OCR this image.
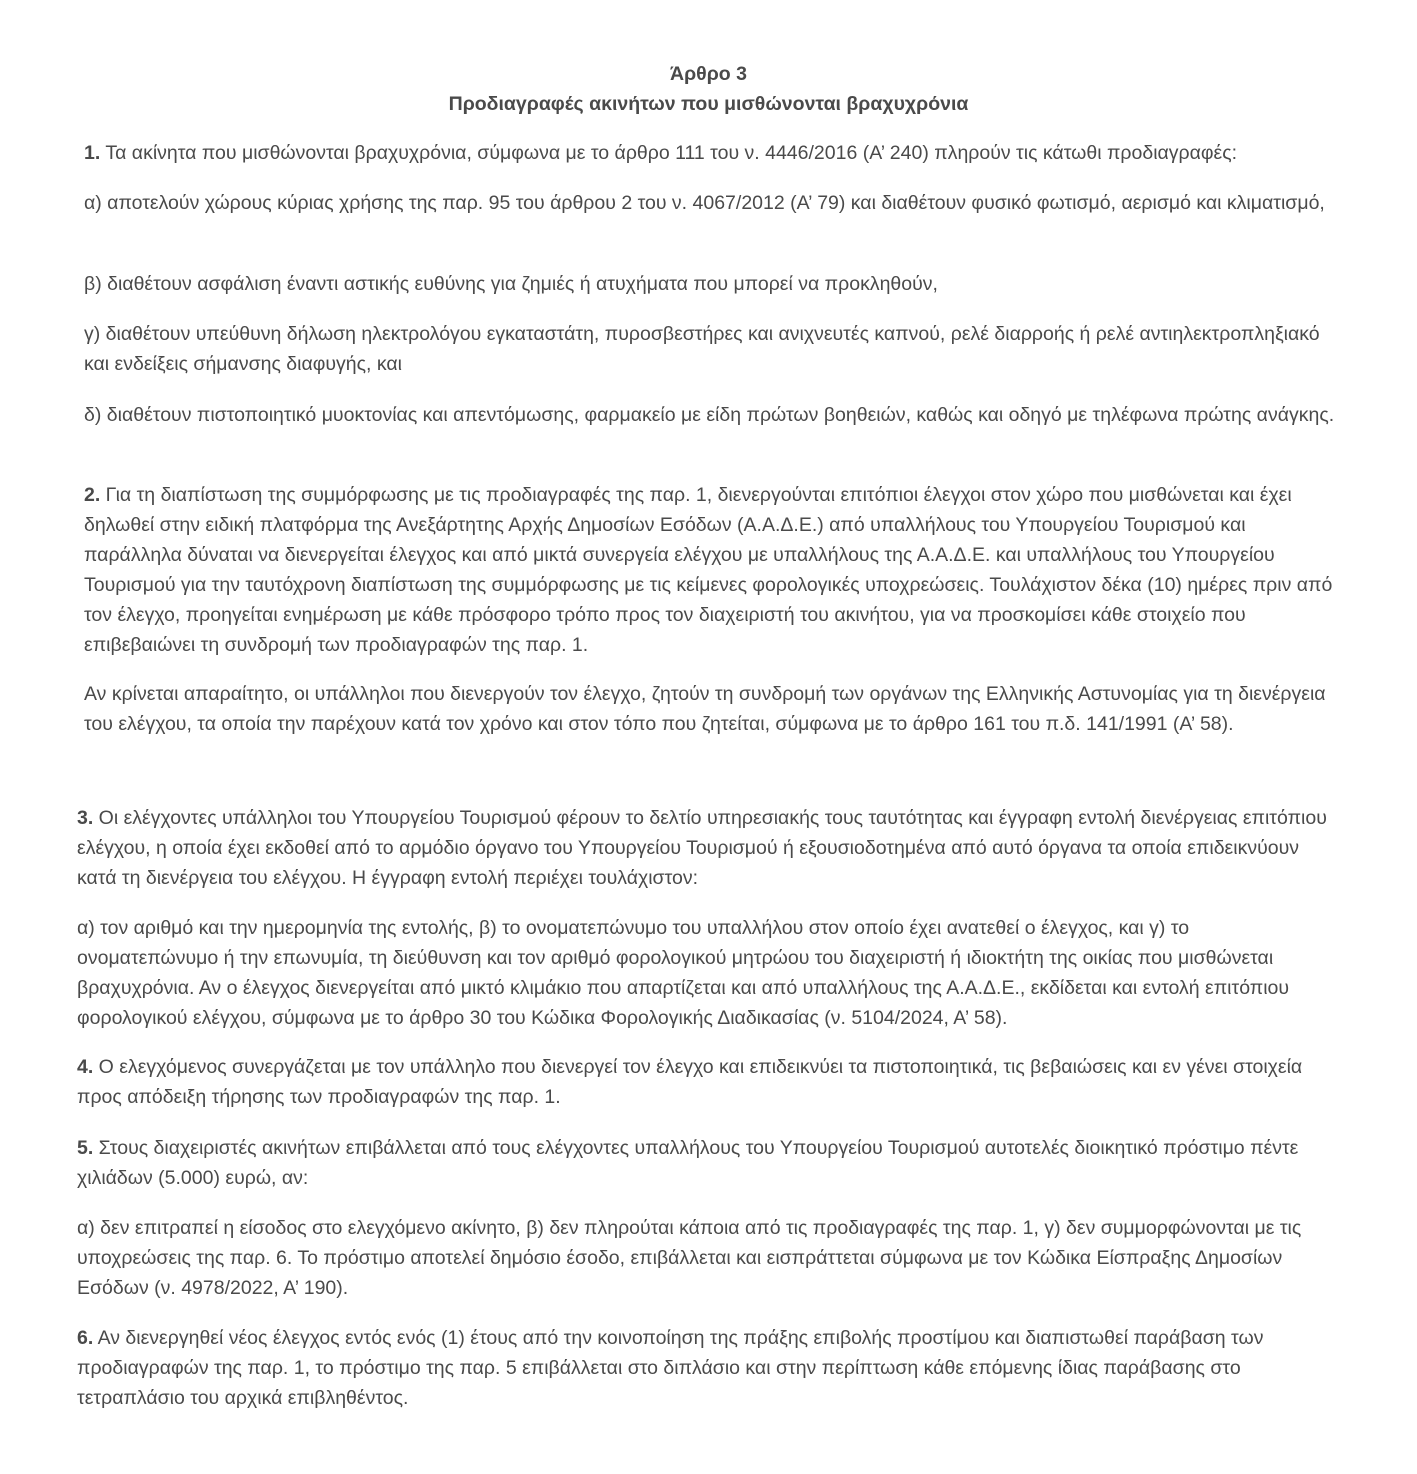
Άρθρο 3
Προδιαγραφές ακινήτων που μισθώνονται βραχυχρόνια

1. Τα ακίνητα που μισθώνονται βραχυχρόνια, σύμφωνα με το άρθρο 111 του ν. 4446/2016 (Α’ 240) πληρούν τις κάτωθι προδιαγραφές:

α) αποτελούν χώρους κύριας χρήσης της παρ. 95 του άρθρου 2 του ν. 4067/2012 (Α’ 79) και διαθέτουν φυσικό φωτισμό, αερισμό και κλιματισμό,

β) διαθέτουν ασφάλιση έναντι αστικής ευθύνης για ζημιές ή ατυχήματα που μπορεί να προκληθούν,

γ) διαθέτουν υπεύθυνη δήλωση ηλεκτρολόγου εγκαταστάτη, πυροσβεστήρες και ανιχνευτές καπνού, ρελέ διαρροής ή ρελέ αντιηλεκτροπληξιακό και ενδείξεις σήμανσης διαφυγής, και

δ) διαθέτουν πιστοποιητικό μυοκτονίας και απεντόμωσης, φαρμακείο με είδη πρώτων βοηθειών, καθώς και οδηγό με τηλέφωνα πρώτης ανάγκης.

2. Για τη διαπίστωση της συμμόρφωσης με τις προδιαγραφές της παρ. 1, διενεργούνται επιτόπιοι έλεγχοι στον χώρο που μισθώνεται και έχει δηλωθεί στην ειδική πλατφόρμα της Ανεξάρτητης Αρχής Δημοσίων Εσόδων (Α.Α.Δ.Ε.) από υπαλλήλους του Υπουργείου Τουρισμού και παράλληλα δύναται να διενεργείται έλεγχος και από μικτά συνεργεία ελέγχου με υπαλλήλους της Α.Α.Δ.Ε. και υπαλλήλους του Υπουργείου Τουρισμού για την ταυτόχρονη διαπίστωση της συμμόρφωσης με τις κείμενες φορολογικές υποχρεώσεις. Τουλάχιστον δέκα (10) ημέρες πριν από τον έλεγχο, προηγείται ενημέρωση με κάθε πρόσφορο τρόπο προς τον διαχειριστή του ακινήτου, για να προσκομίσει κάθε στοιχείο που επιβεβαιώνει τη συνδρομή των προδιαγραφών της παρ. 1.

Αν κρίνεται απαραίτητο, οι υπάλληλοι που διενεργούν τον έλεγχο, ζητούν τη συνδρομή των οργάνων της Ελληνικής Αστυνομίας για τη διενέργεια του ελέγχου, τα οποία την παρέχουν κατά τον χρόνο και στον τόπο που ζητείται, σύμφωνα με το άρθρο 161 του π.δ. 141/1991 (Α’ 58).

3. Οι ελέγχοντες υπάλληλοι του Υπουργείου Τουρισμού φέρουν το δελτίο υπηρεσιακής τους ταυτότητας και έγγραφη εντολή διενέργειας επιτόπιου ελέγχου, η οποία έχει εκδοθεί από το αρμόδιο όργανο του Υπουργείου Τουρισμού ή εξουσιοδοτημένα από αυτό όργανα τα οποία επιδεικνύουν κατά τη διενέργεια του ελέγχου. Η έγγραφη εντολή περιέχει τουλάχιστον:

α) τον αριθμό και την ημερομηνία της εντολής, β) το ονοματεπώνυμο του υπαλλήλου στον οποίο έχει ανατεθεί ο έλεγχος, και γ) το ονοματεπώνυμο ή την επωνυμία, τη διεύθυνση και τον αριθμό φορολογικού μητρώου του διαχειριστή ή ιδιοκτήτη της οικίας που μισθώνεται βραχυχρόνια. Αν ο έλεγχος διενεργείται από μικτό κλιμάκιο που απαρτίζεται και από υπαλλήλους της Α.Α.Δ.Ε., εκδίδεται και εντολή επιτόπιου φορολογικού ελέγχου, σύμφωνα με το άρθρο 30 του Κώδικα Φορολογικής Διαδικασίας (ν. 5104/2024, Α’ 58).

4. Ο ελεγχόμενος συνεργάζεται με τον υπάλληλο που διενεργεί τον έλεγχο και επιδεικνύει τα πιστοποιητικά, τις βεβαιώσεις και εν γένει στοιχεία προς απόδειξη τήρησης των προδιαγραφών της παρ. 1.

5. Στους διαχειριστές ακινήτων επιβάλλεται από τους ελέγχοντες υπαλλήλους του Υπουργείου Τουρισμού αυτοτελές διοικητικό πρόστιμο πέντε χιλιάδων (5.000) ευρώ, αν:

α) δεν επιτραπεί η είσοδος στο ελεγχόμενο ακίνητο, β) δεν πληρούται κάποια από τις προδιαγραφές της παρ. 1, γ) δεν συμμορφώνονται με τις υποχρεώσεις της παρ. 6. Το πρόστιμο αποτελεί δημόσιο έσοδο, επιβάλλεται και εισπράττεται σύμφωνα με τον Κώδικα Είσπραξης Δημοσίων Εσόδων (ν. 4978/2022, Α’ 190).

6. Αν διενεργηθεί νέος έλεγχος εντός ενός (1) έτους από την κοινοποίηση της πράξης επιβολής προστίμου και διαπιστωθεί παράβαση των προδιαγραφών της παρ. 1, το πρόστιμο της παρ. 5 επιβάλλεται στο διπλάσιο και στην περίπτωση κάθε επόμενης ίδιας παράβασης στο τετραπλάσιο του αρχικά επιβληθέντος.
